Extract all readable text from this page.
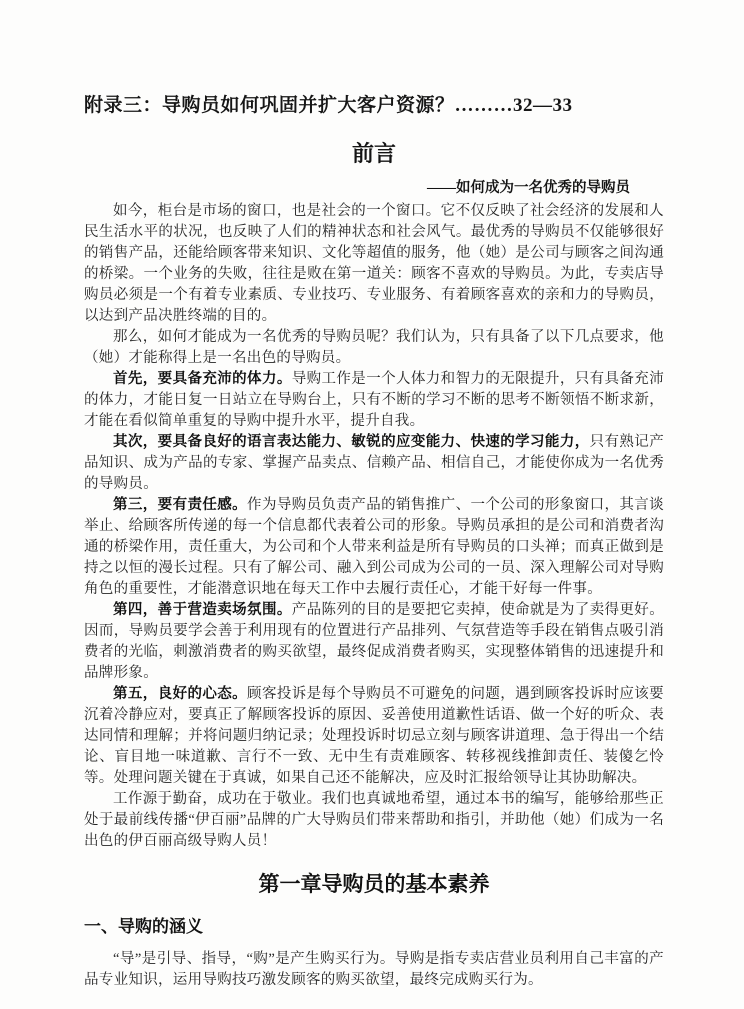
附录三：导购员如何巩固并扩大客户资源？………32—33
前言
——如何成为一名优秀的导购员

如今，柜台是市场的窗口，也是社会的一个窗口。它不仅反映了社会经济的发展和人民生活水平的状况，也反映了人们的精神状态和社会风气。最优秀的导购员不仅能够很好的销售产品，还能给顾客带来知识、文化等超值的服务，他（她）是公司与顾客之间沟通的桥梁。一个业务的失败，往往是败在第一道关：顾客不喜欢的导购员。为此，专卖店导购员必须是一个有着专业素质、专业技巧、专业服务、有着顾客喜欢的亲和力的导购员，以达到产品决胜终端的目的。

那么，如何才能成为一名优秀的导购员呢？我们认为，只有具备了以下几点要求，他（她）才能称得上是一名出色的导购员。

首先，要具备充沛的体力。导购工作是一个人体力和智力的无限提升，只有具备充沛的体力，才能日复一日站立在导购台上，只有不断的学习不断的思考不断领悟不断求新，才能在看似简单重复的导购中提升水平，提升自我。

其次，要具备良好的语言表达能力、敏锐的应变能力、快速的学习能力，只有熟记产品知识、成为产品的专家、掌握产品卖点、信赖产品、相信自己，才能使你成为一名优秀的导购员。

第三，要有责任感。作为导购员负责产品的销售推广、一个公司的形象窗口，其言谈举止、给顾客所传递的每一个信息都代表着公司的形象。导购员承担的是公司和消费者沟通的桥梁作用，责任重大，为公司和个人带来利益是所有导购员的口头禅；而真正做到是持之以恒的漫长过程。只有了解公司、融入到公司成为公司的一员、深入理解公司对导购角色的重要性，才能潜意识地在每天工作中去履行责任心，才能干好每一件事。

第四，善于营造卖场氛围。产品陈列的目的是要把它卖掉，使命就是为了卖得更好。因而，导购员要学会善于利用现有的位置进行产品排列、气氛营造等手段在销售点吸引消费者的光临，刺激消费者的购买欲望，最终促成消费者购买，实现整体销售的迅速提升和品牌形象。

第五，良好的心态。顾客投诉是每个导购员不可避免的问题，遇到顾客投诉时应该要沉着冷静应对，要真正了解顾客投诉的原因、妥善使用道歉性话语、做一个好的听众、表达同情和理解；并将问题归纳记录；处理投诉时切忌立刻与顾客讲道理、急于得出一个结论、盲目地一味道歉、言行不一致、无中生有责难顾客、转移视线推卸责任、装傻乞怜等。处理问题关键在于真诚，如果自己还不能解决，应及时汇报给领导让其协助解决。

工作源于勤奋，成功在于敬业。我们也真诚地希望，通过本书的编写，能够给那些正处于最前线传播“伊百丽”品牌的广大导购员们带来帮助和指引，并助他（她）们成为一名出色的伊百丽高级导购人员！

第一章导购员的基本素养
一、导购的涵义

“导”是引导、指导，“购”是产生购买行为。导购是指专卖店营业员利用自己丰富的产品专业知识，运用导购技巧激发顾客的购买欲望，最终完成购买行为。
